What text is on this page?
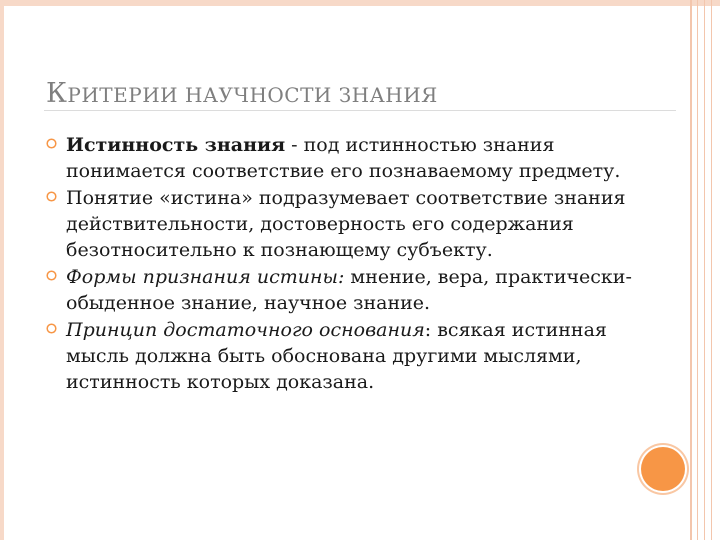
КРИТЕРИИ НАУЧНОСТИ ЗНАНИЯ
Истинность знания - под истинностью знания понимается соответствие его познаваемому предмету.
Понятие «истина» подразумевает соответствие знания действительности, достоверность его содержания безотносительно к познающему субъекту.
Формы признания истины: мнение, вера, практически-обыденное знание, научное знание.
Принцип достаточного основания: всякая истинная мысль должна быть обоснована другими мыслями, истинность которых доказана.
